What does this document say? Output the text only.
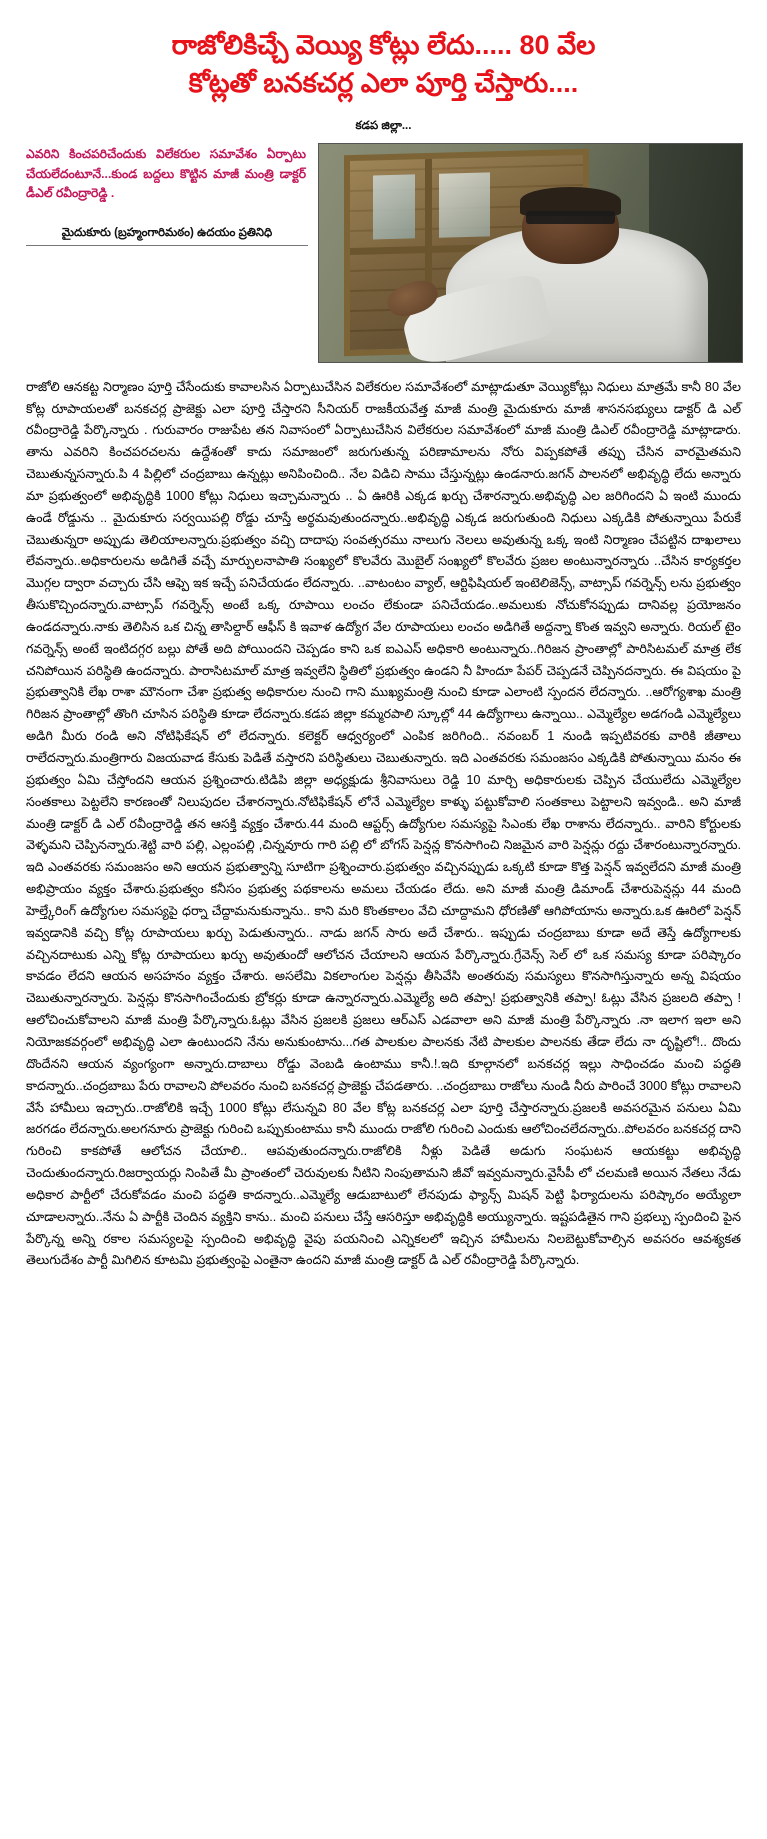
రాజోలికిచ్చే వెయ్యి కోట్లు లేదు..... 80 వేల
కోట్లతో బనకచర్ల ఎలా పూర్తి చేస్తారు....
కడప జిల్లా...
ఎవరిని కించపరిచేందుకు విలేకరుల సమావేశం ఏర్పాటు చేయలేదంటూనే...కుండ బద్దలు కొట్టిన మాజీ మంత్రి డాక్టర్ డీఎల్ రవీంద్రారెడ్డి .
మైదుకూరు (బ్రహ్మంగారిమఠం) ఉదయం ప్రతినిధి

రాజోలి ఆనకట్ట నిర్మాణం పూర్తి చేసేందుకు కావాలసిన ఏర్పాటుచేసిన విలేకరుల సమావేశంలో మాట్లాడుతూ వెయ్యికోట్లు నిధులు మాత్రమే కానీ 80 వేల కోట్ల రూపాయలతో బనకచర్ల ప్రాజెక్టు ఎలా పూర్తి చేస్తారని సీనియర్ రాజకీయవేత్త మాజీ మంత్రి మైదుకూరు మాజీ శాసనసభ్యులు డాక్టర్ డి ఎల్ రవీంద్రారెడ్డి పేర్కొన్నారు . గురువారం రాజుపేట తన నివాసంలో ఏర్పాటుచేసిన విలేకరుల సమావేశంలో మాజీ మంత్రి డిఎల్ రవీంద్రారెడ్డి మాట్లాడారు. తాను ఎవరిని కించపరచలను ఉద్దేశంతో కాదు సమాజంలో జరుగుతున్న పరిణామాలను నోరు విప్పకపోతే తప్పు చేసిన వారమైతమని చెబుతున్నసన్నారు.పి 4 పిల్లిలో చంద్రబాబు ఉన్నట్లు అనిపించింది.. నేల విడిచి సాము చేస్తున్నట్లు ఉండనారు.జగన్ పాలనలో అభివృద్ధి లేదు అన్నారు మా ప్రభుత్వంలో అభివృద్ధికి 1000 కోట్లు నిధులు ఇచ్చామన్నారు .. ఏ ఊరికి ఎక్కడ ఖర్చు చేశారన్నారు.అభివృద్ధి ఎల జరిగిందని ఏ ఇంటి ముందు ఉండే రోడ్డును .. మైదుకూరు సర్వయిపల్లి రోడ్డు చూస్తే అర్థమవుతుందన్నారు..అభివృద్ధి ఎక్కడ జరుగుతుంది నిధులు ఎక్కడికి పోతున్నాయి పేరుకే చెబుతున్నరా అప్పుడు తెలియాలన్నారు.ప్రభుత్వం వచ్చి దాదాపు సంవత్సరము నాలుగు నెలలు అవుతున్న ఒక్క ఇంటి నిర్మాణం చేపట్టిన దాఖలాలు లేవన్నారు..అధికారులను అడిగితే వచ్చే మార్పులనాపాతి సంఖ్యలో కొలవేరు మొబైల్ సంఖ్యలో కొలవేరు ప్రజల అంటున్నారన్నారు ..చేసిన కార్యకర్తల మొగ్గల ద్వారా వచ్చారు చేసి ఆఫ్పె ఇక ఇచ్చే పనిచేయడం లేదన్నారు. ..వాటంటం వ్యాల్, ఆర్టిఫిషియల్ ఇంటెలిజెన్స్, వాట్సాప్ గవర్నెన్స్ లను ప్రభుత్వం తీసుకొచ్చిందన్నారు.వాట్సాప్ గవర్నెన్స్ అంటే ఒక్క రూపాయి లంచం లేకుండా పనిచేయడం..అమలుకు నోచుకోనప్పుడు దానివల్ల ప్రయోజనం ఉండదన్నారు.నాకు తెలిసిన ఒక చిన్న తాసిల్దార్ ఆఫీస్ కి ఇవాళ ఉద్యోగ వేల రూపాయలు లంచం అడిగితే అద్దన్నా కొంత ఇవ్వని అన్నారు. రియల్ టైం గవర్నెన్స్ అంటే ఇంటిదగ్గర బల్లు పోతే అది పోయిందని చెప్పడం కాని ఒక ఐఎఎస్ అధికారి అంటున్నారు..గిరిజన ప్రాంతాల్లో పారిసిటమల్ మాత్ర లేక చనిపోయిన పరిస్థితి ఉందన్నారు. పారాసిటమాల్ మాత్ర ఇవ్వలేని స్థితిలో ప్రభుత్వం ఉండని నీ హిందూ పేపర్ చెప్పడనే చెప్పినదన్నారు. ఈ విషయం పై ప్రభుత్వానికి లేఖ రాశా మౌనంగా చేశా ప్రభుత్వ అధికారుల నుంచి గాని ముఖ్యమంత్రి నుంచి కూడా ఎలాంటి స్పందన లేదన్నారు. ..ఆరోగ్యశాఖ మంత్రి గిరిజన ప్రాంతాల్లో తొంగి చూసిన పరిస్థితి కూడా లేదన్నారు.కడప జిల్లా కమ్మరపాలి స్కూల్లో 44 ఉద్యోగాలు ఉన్నాయి.. ఎమ్మెల్యేల అడగండి ఎమ్మెల్యేలు అడిగి మీరు రండి అని నోటిఫికేషన్ లో లేదన్నారు. కలెక్టర్ ఆధ్వర్యంలో ఎంపిక జరిగింది.. నవంబర్ 1 నుండి ఇప్పటివరకు వారికి జీతాలు రాలేదన్నారు.మంత్రిగారు విజయవాడ కేసుకు పెడితే వస్తారని పరిస్థితులు చెబుతున్నారు. ఇది ఎంతవరకు సమంజసం ఎక్కడికి పోతున్నాయి మనం ఈ ప్రభుత్వం ఏమి చేస్తోందని ఆయన ప్రశ్నించారు.టిడిపి జిల్లా అధ్యక్షుడు శ్రీనివాసులు రెడ్డి 10 మార్చి అధికారులకు చెప్పిన చేయులేదు ఎమ్మెల్యేల సంతకాలు పెట్టలేని కారణంతో నిలుపుదల చేశారన్నారు.నోటిఫికేషన్ లోనే ఎమ్మెల్యేల కాళ్ళు పట్టుకోవాలి సంతకాలు పెట్టాలని ఇవ్వండి.. అని మాజీ మంత్రి డాక్టర్ డి ఎల్ రవీంద్రారెడ్డి తన ఆసక్తి వ్యక్తం చేశారు.44 మంది ఆప్టర్స్ ఉద్యోగుల సమస్యపై సిఎంకు లేఖ రాశాను లేదన్నారు.. వారిని కోర్టులకు వెళ్ళమని చెప్పినన్నారు.శెట్టి వారి పల్లి, ఎల్లంపల్లి ,చిన్నవూరు గారి పల్లి లో బోగస్ పెన్షన్ల కొనసాగించి నిజమైన వారి పెన్షన్లు రద్దు చేశారంటున్నారన్నారు. ఇది ఎంతవరకు సమంజసం అని ఆయన ప్రభుత్వాన్ని సూటిగా ప్రశ్నించారు.ప్రభుత్వం వచ్చినప్పుడు ఒక్కటి కూడా కొత్త పెన్షన్ ఇవ్వలేదని మాజీ మంత్రి అభిప్రాయం వ్యక్తం చేశారు.ప్రభుత్వం కనీసం ప్రభుత్వ పథకాలను అమలు చేయడం లేదు. అని మాజీ మంత్రి డిమాండ్ చేశారుపెన్షన్లు 44 మంది హెల్త్కేరింగ్ ఉద్యోగుల సమస్యపై ధర్నా చేద్దామనుకున్నాను.. కాని మరి కొంతకాలం వేచి చూద్దామని ధోరణితో ఆగిపోయాను అన్నారు.ఒక ఊరిలో పెన్షన్ ఇవ్వడానికి వచ్చి కోట్ల రూపాయలు ఖర్చు పెడుతున్నారు.. నాడు జగన్ సారు అదే చేశారు.. ఇప్పుడు చంద్రబాబు కూడా అదే తెస్తే ఉద్యోగాలకు వచ్చినదాటుకు ఎన్ని కోట్ల రూపాయలు ఖర్చు అవుతుందో ఆలోచన చేయాలని ఆయన పేర్కొన్నారు.గ్రేవెన్స్ సెల్ లో ఒక సమస్య కూడా పరిష్కారం కావడం లేదని ఆయన అసహనం వ్యక్తం చేశారు. అసలేమి వికలాంగుల పెన్షన్లు తీసివేసి అంతరువు సమస్యలు కొనసాగిస్తున్నారు అన్న విషయం చెబుతున్నారన్నారు. పెన్షన్లు కొనసాగించేందుకు బ్రోకర్లు కూడా ఉన్నారన్నారు.ఎమ్మెల్యే అది తప్పా! ప్రభుత్వానికి తప్పా! ఓట్లు వేసిన ప్రజలది తప్పా !ఆలోచించుకోవాలని మాజీ మంత్రి పేర్కొన్నారు.ఓట్లు వేసిన ప్రజలకి ప్రజలు ఆర్ఎస్ ఎడవాలా అని మాజీ మంత్రి పేర్కొన్నారు .నా ఇలాగ ఇలా అని నియోజకవర్గంలో అభివృద్ధి ఎలా ఉంటుందని నేను అనుకుంటాను...గత పాలకుల పాలనకు నేటి పాలకుల పాలనకు తేడా లేదు నా దృష్టిలో!.. దొందు దొందేనని ఆయన వ్యంగ్యంగా అన్నారు.దాబాలు రోడ్డు వెంబడి ఉంటాము కానీ.!.ఇది కూల్గానలో బనకచర్ల ఇల్లు సాధించడం మంచి పద్ధతి కాదన్నారు..చంద్రబాబు పేరు రావాలని పోలవరం నుంచి బనకచర్ల ప్రాజెక్టు చేపడతారు. ..చంద్రబాబు రాజోలు నుండి నీరు పారించే 3000 కోట్లు రావాలని వేసే హామీలు ఇచ్చారు..రాజోలికి ఇచ్చే 1000 కోట్లు లేసున్నవి 80 వేల కోట్ల బనకచర్ల ఎలా పూర్తి చేస్తారన్నారు.ప్రజలకి అవసరమైన పనులు ఏమి జరగడం లేదన్నారు.అలగనూరు ప్రాజెక్టు గురించి ఒప్పుకుంటాము కానీ ముందు రాజోలి గురించి ఎందుకు ఆలోచించలేదన్నారు..పోలవరం బనకచర్ల దాని గురించి కాకపోతే ఆలోచన చేయాలి.. ఆపవుతుందన్నారు.రాజోలికి నీళ్లు పెడితే అడుగు సంఘటన ఆయకట్టు అభివృద్ధి చెందుతుందన్నారు.రిజర్వాయర్లు నింపితే మీ ప్రాంతంలో చెరువులకు నీటిని నింపుతామని జీవో ఇవ్వమన్నారు.వైసీపీ లో చలమణి అయిన నేతలు నేడు అధికార పార్టీలో చేరుకోవడం మంచి పద్ధతి కాదన్నారు..ఎమ్మెల్యే ఆడుబాటులో లేనపుడు ఫ్యాన్స్ మిషన్ పెట్టి ఫిర్యాదులను పరిష్కారం అయ్యేలా చూడాలన్నారు..నేను ఏ పార్టీకి చెందిన వ్యక్తిని కాను.. మంచి పనులు చేస్తే ఆసరిస్తూ అభివృద్ధికి అయ్యున్నారు. ఇష్టపడితైన గాని ప్రభల్పు స్పందించి పైన పేర్కొన్న అన్ని రకాల సమస్యలపై స్పందించి అభివృద్ధి వైపు పయనించి ఎన్నికలలో ఇచ్చిన హామీలను నిలబెట్టుకోవాల్సిన అవసరం ఆవశ్యకత తెలుగుదేశం పార్టీ మిగిలిన కూటమి ప్రభుత్వంపై ఎంతైనా ఉందని మాజీ మంత్రి డాక్టర్ డి ఎల్ రవీంద్రారెడ్డి పేర్కొన్నారు.
